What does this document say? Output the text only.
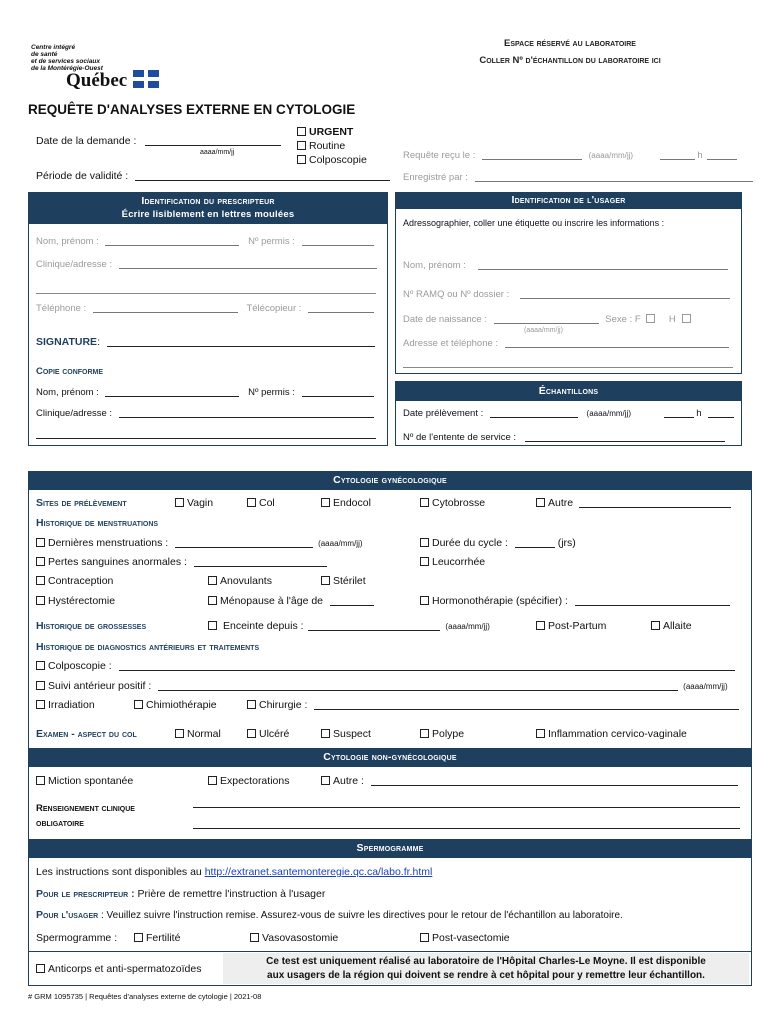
Centre intégré
de santé
et de services sociaux
de la Montérégie-Ouest
Québec
Espace réservé au laboratoire
Coller Nº d'échantillon du laboratoire ici
REQUÊTE D'ANALYSES EXTERNE EN CYTOLOGIE
Date de la demande :
aaaa/mm/jj
Période de validité :
URGENT
Routine
Colposcopie	Requête reçu le :	(aaaa/mm/jj)	h
Enregistré par :
Identification du prescripteur
Écrire lisiblement en lettres moulées
Nom, prénom :	Nº permis :
Clinique/adresse :
Téléphone :	Télécopieur :
SIGNATURE:
Copie conforme
Nom, prénom :	Nº permis :
Clinique/adresse :
Identification de l'usager
Adressographier, coller une étiquette ou inscrire les informations :
Nom, prénom :
Nº RAMQ ou Nº dossier :
Date de naissance :	Sexe : F	H
(aaaa/mm/jj)
Adresse et téléphone :
Échantillons
Date prélèvement :	(aaaa/mm/jj)	h
Nº de l'entente de service :
Cytologie gynécologique
Sites de prélèvement	Vagin	Col	Endocol	Cytobrosse	Autre
Historique de menstruations
Dernières menstruations :	(aaaa/mm/jj)	Durée du cycle :	(jrs)
Pertes sanguines anormales :	Leucorrhée
Contraception	Anovulants	Stérilet
Hystérectomie	Ménopause à l'âge de	Hormonothérapie (spécifier) :
Historique de grossesses	Enceinte depuis :	(aaaa/mm/jj)	Post-Partum	Allaite
Historique de diagnostics antérieurs et traitements
Colposcopie :
Suivi antérieur positif :	(aaaa/mm/jj)
Irradiation	Chimiothérapie	Chirurgie :
Examen - aspect du col	Normal	Ulcéré	Suspect	Polype	Inflammation cervico-vaginale
Cytologie non-gynécologique
Miction spontanée	Expectorations	Autre :
Renseignement clinique
obligatoire
Spermogramme
Les instructions sont disponibles au http://extranet.santemonteregie.qc.ca/labo.fr.html
Pour le prescripteur : Prière de remettre l'instruction à l'usager
Pour l'usager : Veuillez suivre l'instruction remise. Assurez-vous de suivre les directives pour le retour de l'échantillon au laboratoire.
Spermogramme :	Fertilité	Vasovasostomie	Post-vasectomie
Anticorps et anti-spermatozoïdes
Ce test est uniquement réalisé au laboratoire de l'Hôpital Charles-Le Moyne. Il est disponible
aux usagers de la région qui doivent se rendre à cet hôpital pour y remettre leur échantillon.
# GRM 1095735 | Requêtes d'analyses externe de cytologie | 2021-08
